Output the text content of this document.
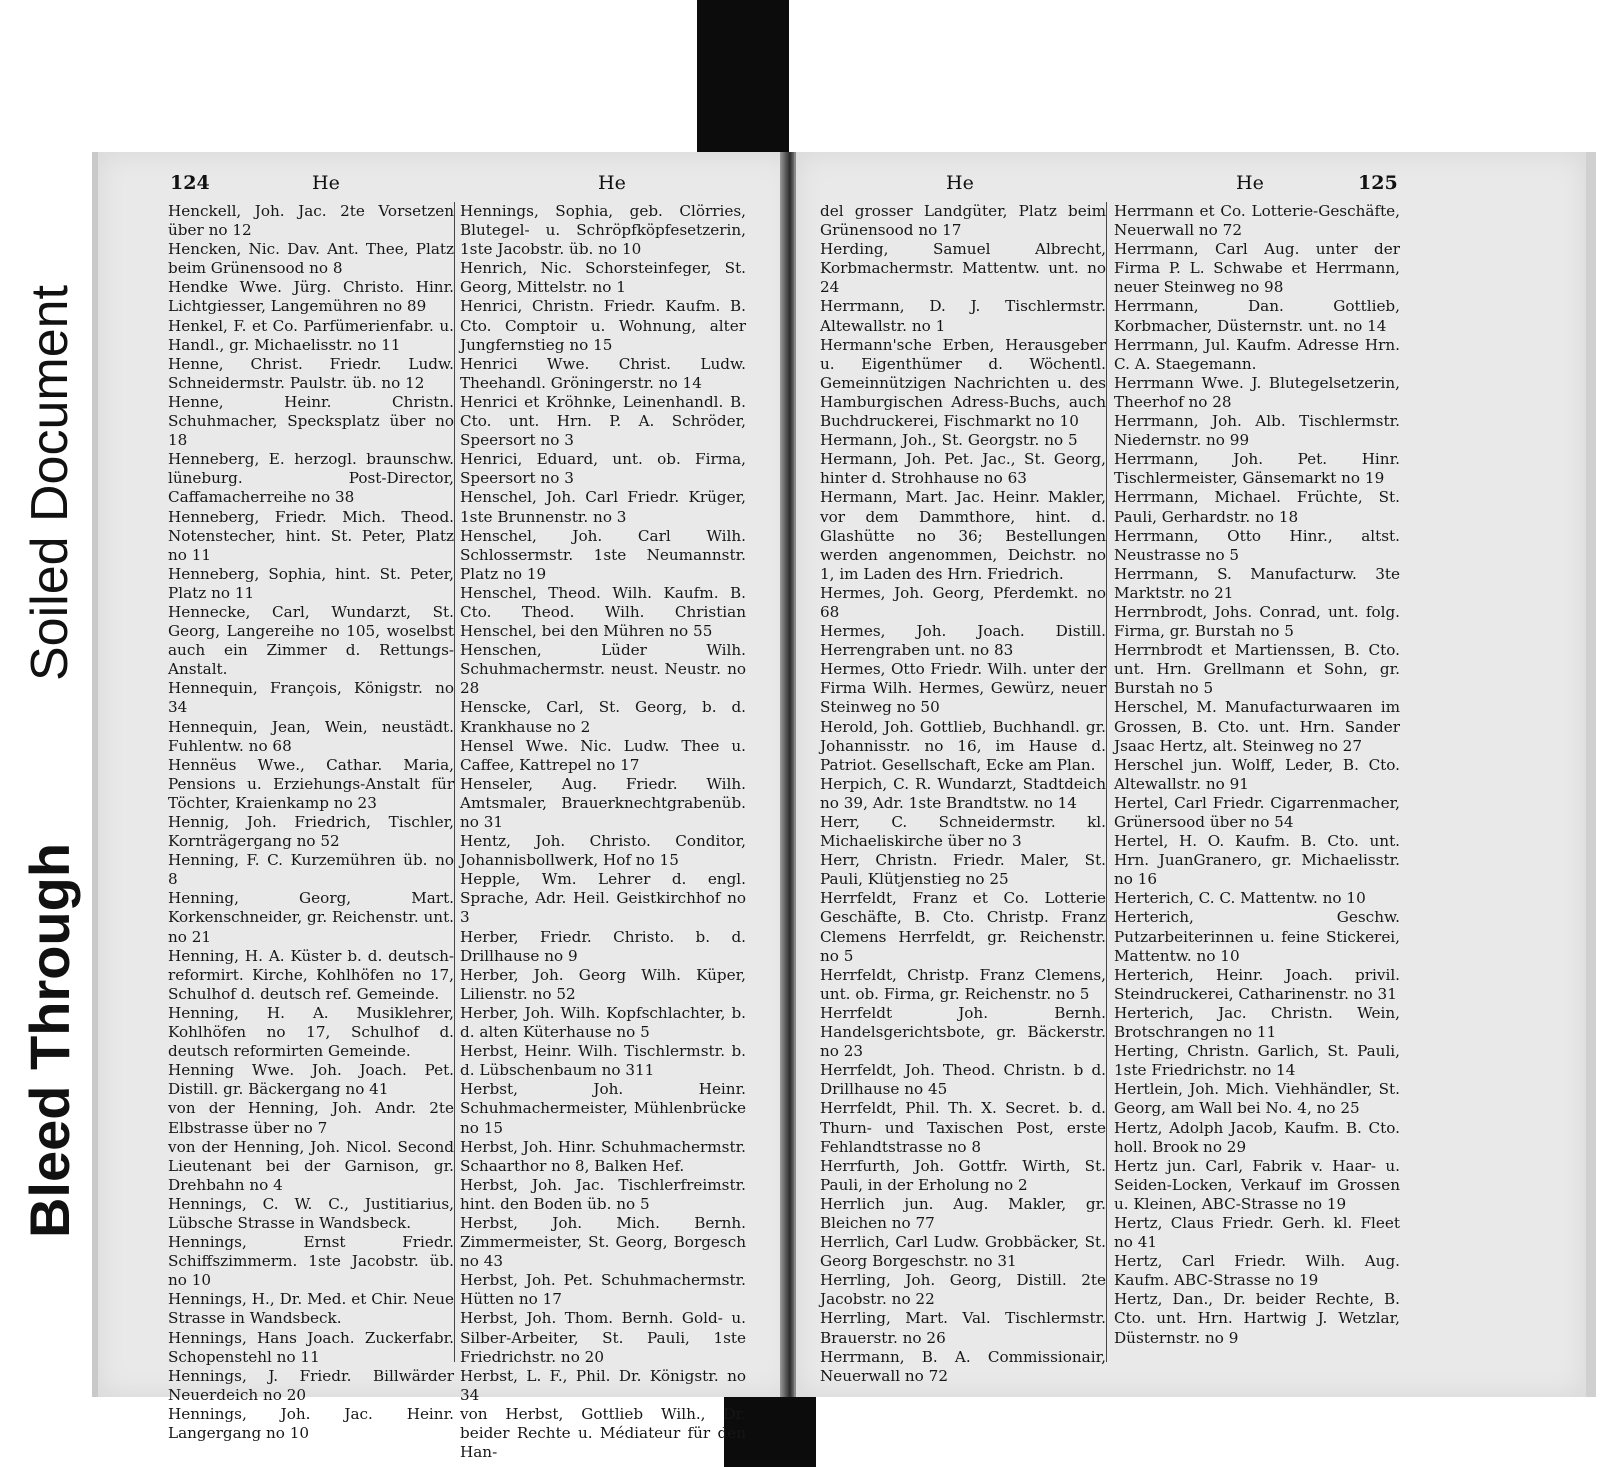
Soiled Document
Bleed Through
124	He	He
Henckell, Joh. Jac. 2te Vorsetzen über no 12
Hencken, Nic. Dav. Ant. Thee, Platz beim Grünensood no 8
Hendke Wwe. Jürg. Christo. Hinr. Lichtgiesser, Langemühren no 89
Henkel, F. et Co. Parfümerienfabr. u. Handl., gr. Michaelisstr. no 11
Henne, Christ. Friedr. Ludw. Schneidermstr. Paulstr. üb. no 12
Henne, Heinr. Christn. Schuhmacher, Specksplatz über no 18
Henneberg, E. herzogl. braunschw. lüneburg. Post-Director, Caffamacherreihe no 38
Henneberg, Friedr. Mich. Theod. Notenstecher, hint. St. Peter, Platz no 11
Henneberg, Sophia, hint. St. Peter, Platz no 11
Hennecke, Carl, Wundarzt, St. Georg, Langereihe no 105, woselbst auch ein Zimmer d. Rettungs-Anstalt.
Hennequin, François, Königstr. no 34
Hennequin, Jean, Wein, neustädt. Fuhlentw. no 68
Hennëus Wwe., Cathar. Maria, Pensions u. Erziehungs-Anstalt für Töchter, Kraienkamp no 23
Hennig, Joh. Friedrich, Tischler, Kornträgergang no 52
Henning, F. C. Kurzemühren üb. no 8
Henning, Georg, Mart. Korkenschneider, gr. Reichenstr. unt. no 21
Henning, H. A. Küster b. d. deutsch-reformirt. Kirche, Kohlhöfen no 17, Schulhof d. deutsch ref. Gemeinde.
Henning, H. A. Musiklehrer, Kohlhöfen no 17, Schulhof d. deutsch reformirten Gemeinde.
Henning Wwe. Joh. Joach. Pet. Distill. gr. Bäckergang no 41
von der Henning, Joh. Andr. 2te Elbstrasse über no 7
von der Henning, Joh. Nicol. Second Lieutenant bei der Garnison, gr. Drehbahn no 4
Hennings, C. W. C., Justitiarius, Lübsche Strasse in Wandsbeck.
Hennings, Ernst Friedr. Schiffszimmerm. 1ste Jacobstr. üb. no 10
Hennings, H., Dr. Med. et Chir. Neue Strasse in Wandsbeck.
Hennings, Hans Joach. Zuckerfabr. Schopenstehl no 11
Hennings, J. Friedr. Billwärder Neuerdeich no 20
Hennings, Joh. Jac. Heinr. Langergang no 10
Hennings, Sophia, geb. Clörries, Blutegel- u. Schröpfköpfesetzerin, 1ste Jacobstr. üb. no 10
Henrich, Nic. Schorsteinfeger, St. Georg, Mittelstr. no 1
Henrici, Christn. Friedr. Kaufm. B. Cto. Comptoir u. Wohnung, alter Jungfernstieg no 15
Henrici Wwe. Christ. Ludw. Theehandl. Gröningerstr. no 14
Henrici et Kröhnke, Leinenhandl. B. Cto. unt. Hrn. P. A. Schröder, Speersort no 3
Henrici, Eduard, unt. ob. Firma, Speersort no 3
Henschel, Joh. Carl Friedr. Krüger, 1ste Brunnenstr. no 3
Henschel, Joh. Carl Wilh. Schlossermstr. 1ste Neumannstr. Platz no 19
Henschel, Theod. Wilh. Kaufm. B. Cto. Theod. Wilh. Christian Henschel, bei den Mühren no 55
Henschen, Lüder Wilh. Schuhmachermstr. neust. Neustr. no 28
Henscke, Carl, St. Georg, b. d. Krankhause no 2
Hensel Wwe. Nic. Ludw. Thee u. Caffee, Kattrepel no 17
Henseler, Aug. Friedr. Wilh. Amtsmaler, Brauerknechtgrabenüb. no 31
Hentz, Joh. Christo. Conditor, Johannisbollwerk, Hof no 15
Hepple, Wm. Lehrer d. engl. Sprache, Adr. Heil. Geistkirchhof no 3
Herber, Friedr. Christo. b. d. Drillhause no 9
Herber, Joh. Georg Wilh. Küper, Lilienstr. no 52
Herber, Joh. Wilh. Kopfschlachter, b. d. alten Küterhause no 5
Herbst, Heinr. Wilh. Tischlermstr. b. d. Lübschenbaum no 311
Herbst, Joh. Heinr. Schuhmachermeister, Mühlenbrücke no 15
Herbst, Joh. Hinr. Schuhmachermstr. Schaarthor no 8, Balken Hef.
Herbst, Joh. Jac. Tischlerfreimstr. hint. den Boden üb. no 5
Herbst, Joh. Mich. Bernh. Zimmermeister, St. Georg, Borgesch no 43
Herbst, Joh. Pet. Schuhmachermstr. Hütten no 17
Herbst, Joh. Thom. Bernh. Gold- u. Silber-Arbeiter, St. Pauli, 1ste Friedrichstr. no 20
Herbst, L. F., Phil. Dr. Königstr. no 34
von Herbst, Gottlieb Wilh., Dr. beider Rechte u. Médiateur für den Han-
He	He	125
del grosser Landgüter, Platz beim Grünensood no 17
Herding, Samuel Albrecht, Korbmachermstr. Mattentw. unt. no 24
Herrmann, D. J. Tischlermstr. Altewallstr. no 1
Hermann'sche Erben, Herausgeber u. Eigenthümer d. Wöchentl. Gemeinnützigen Nachrichten u. des Hamburgischen Adress-Buchs, auch Buchdruckerei, Fischmarkt no 10
Hermann, Joh., St. Georgstr. no 5
Hermann, Joh. Pet. Jac., St. Georg, hinter d. Strohhause no 63
Hermann, Mart. Jac. Heinr. Makler, vor dem Dammthore, hint. d. Glashütte no 36; Bestellungen werden angenommen, Deichstr. no 1, im Laden des Hrn. Friedrich.
Hermes, Joh. Georg, Pferdemkt. no 68
Hermes, Joh. Joach. Distill. Herrengraben unt. no 83
Hermes, Otto Friedr. Wilh. unter der Firma Wilh. Hermes, Gewürz, neuer Steinweg no 50
Herold, Joh. Gottlieb, Buchhandl. gr. Johannisstr. no 16, im Hause d. Patriot. Gesellschaft, Ecke am Plan.
Herpich, C. R. Wundarzt, Stadtdeich no 39, Adr. 1ste Brandtstw. no 14
Herr, C. Schneidermstr. kl. Michaeliskirche über no 3
Herr, Christn. Friedr. Maler, St. Pauli, Klütjenstieg no 25
Herrfeldt, Franz et Co. Lotterie Geschäfte, B. Cto. Christp. Franz Clemens Herrfeldt, gr. Reichenstr. no 5
Herrfeldt, Christp. Franz Clemens, unt. ob. Firma, gr. Reichenstr. no 5
Herrfeldt Joh. Bernh. Handelsgerichtsbote, gr. Bäckerstr. no 23
Herrfeldt, Joh. Theod. Christn. b d. Drillhause no 45
Herrfeldt, Phil. Th. X. Secret. b. d. Thurn- und Taxischen Post, erste Fehlandtstrasse no 8
Herrfurth, Joh. Gottfr. Wirth, St. Pauli, in der Erholung no 2
Herrlich jun. Aug. Makler, gr. Bleichen no 77
Herrlich, Carl Ludw. Grobbäcker, St. Georg Borgeschstr. no 31
Herrling, Joh. Georg, Distill. 2te Jacobstr. no 22
Herrling, Mart. Val. Tischlermstr. Brauerstr. no 26
Herrmann, B. A. Commissionair, Neuerwall no 72
Herrmann et Co. Lotterie-Geschäfte, Neuerwall no 72
Herrmann, Carl Aug. unter der Firma P. L. Schwabe et Herrmann, neuer Steinweg no 98
Herrmann, Dan. Gottlieb, Korbmacher, Düsternstr. unt. no 14
Herrmann, Jul. Kaufm. Adresse Hrn. C. A. Staegemann.
Herrmann Wwe. J. Blutegelsetzerin, Theerhof no 28
Herrmann, Joh. Alb. Tischlermstr. Niedernstr. no 99
Herrmann, Joh. Pet. Hinr. Tischlermeister, Gänsemarkt no 19
Herrmann, Michael. Früchte, St. Pauli, Gerhardstr. no 18
Herrmann, Otto Hinr., altst. Neustrasse no 5
Herrmann, S. Manufacturw. 3te Marktstr. no 21
Herrnbrodt, Johs. Conrad, unt. folg. Firma, gr. Burstah no 5
Herrnbrodt et Martienssen, B. Cto. unt. Hrn. Grellmann et Sohn, gr. Burstah no 5
Herschel, M. Manufacturwaaren im Grossen, B. Cto. unt. Hrn. Sander Jsaac Hertz, alt. Steinweg no 27
Herschel jun. Wolff, Leder, B. Cto. Altewallstr. no 91
Hertel, Carl Friedr. Cigarrenmacher, Grünersood über no 54
Hertel, H. O. Kaufm. B. Cto. unt. Hrn. JuanGranero, gr. Michaelisstr. no 16
Herterich, C. C. Mattentw. no 10
Herterich, Geschw. Putzarbeiterinnen u. feine Stickerei, Mattentw. no 10
Herterich, Heinr. Joach. privil. Steindruckerei, Catharinenstr. no 31
Herterich, Jac. Christn. Wein, Brotschrangen no 11
Herting, Christn. Garlich, St. Pauli, 1ste Friedrichstr. no 14
Hertlein, Joh. Mich. Viehhändler, St. Georg, am Wall bei No. 4, no 25
Hertz, Adolph Jacob, Kaufm. B. Cto. holl. Brook no 29
Hertz jun. Carl, Fabrik v. Haar- u. Seiden-Locken, Verkauf im Grossen u. Kleinen, ABC-Strasse no 19
Hertz, Claus Friedr. Gerh. kl. Fleet no 41
Hertz, Carl Friedr. Wilh. Aug. Kaufm. ABC-Strasse no 19
Hertz, Dan., Dr. beider Rechte, B. Cto. unt. Hrn. Hartwig J. Wetzlar, Düsternstr. no 9
